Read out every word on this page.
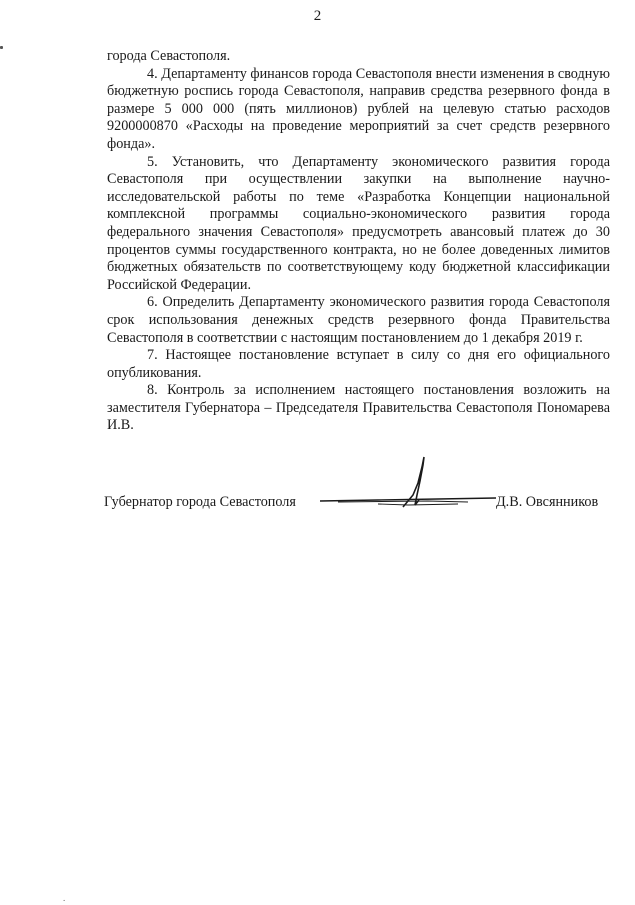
2

города Севастополя.

4. Департаменту финансов города Севастополя внести изменения в сводную бюджетную роспись города Севастополя, направив средства резервного фонда в размере 5 000 000 (пять миллионов) рублей на целевую статью расходов 9200000870 «Расходы на проведение мероприятий за счет средств резервного фонда».

5. Установить, что Департаменту экономического развития города Севастополя при осуществлении закупки на выполнение научно-исследовательской работы по теме «Разработка Концепции национальной комплексной программы социально-экономического развития города федерального значения Севастополя» предусмотреть авансовый платеж до 30 процентов суммы государственного контракта, но не более доведенных лимитов бюджетных обязательств по соответствующему коду бюджетной классификации Российской Федерации.

6. Определить Департаменту экономического развития города Севастополя срок использования денежных средств резервного фонда Правительства Севастополя в соответствии с настоящим постановлением до 1 декабря 2019 г.

7. Настоящее постановление вступает в силу со дня его официального опубликования.

8. Контроль за исполнением настоящего постановления возложить на заместителя Губернатора – Председателя Правительства Севастополя Пономарева И.В.

Губернатор города Севастополя	Д.В. Овсянников
.
